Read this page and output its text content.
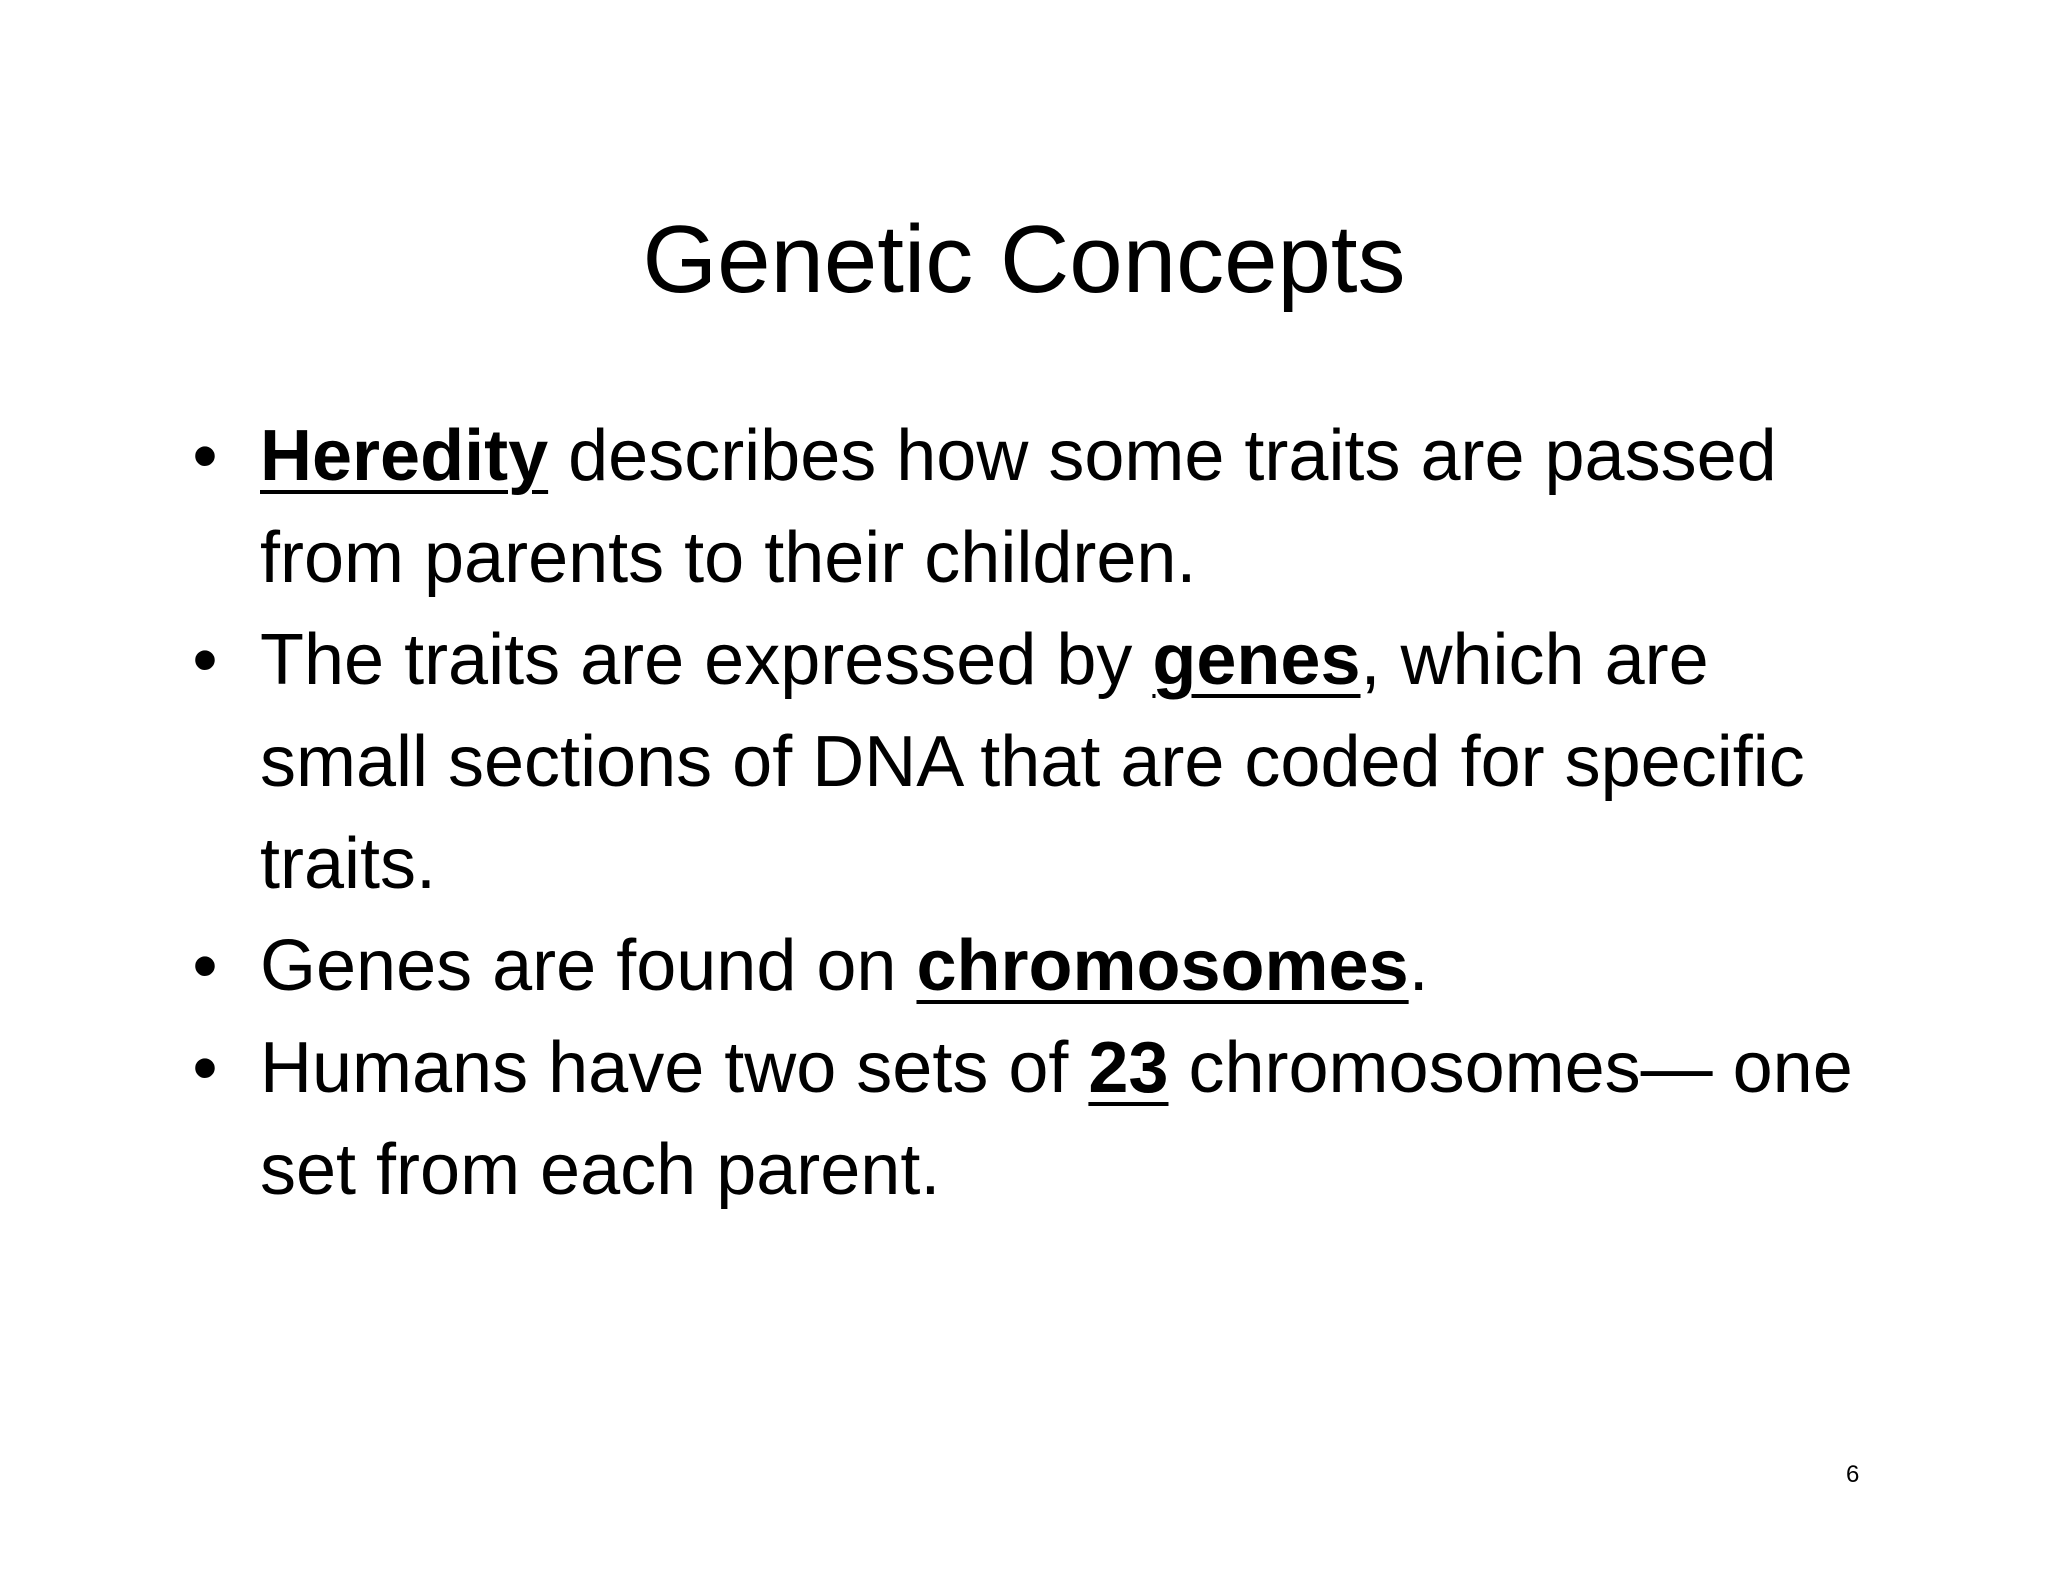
Genetic Concepts
• Heredity describes how some traits are passed from parents to their children.
• The traits are expressed by genes, which are small sections of DNA that are coded for specific traits.
• Genes are found on chromosomes.
• Humans have two sets of 23 chromosomes— one set from each parent.
6
